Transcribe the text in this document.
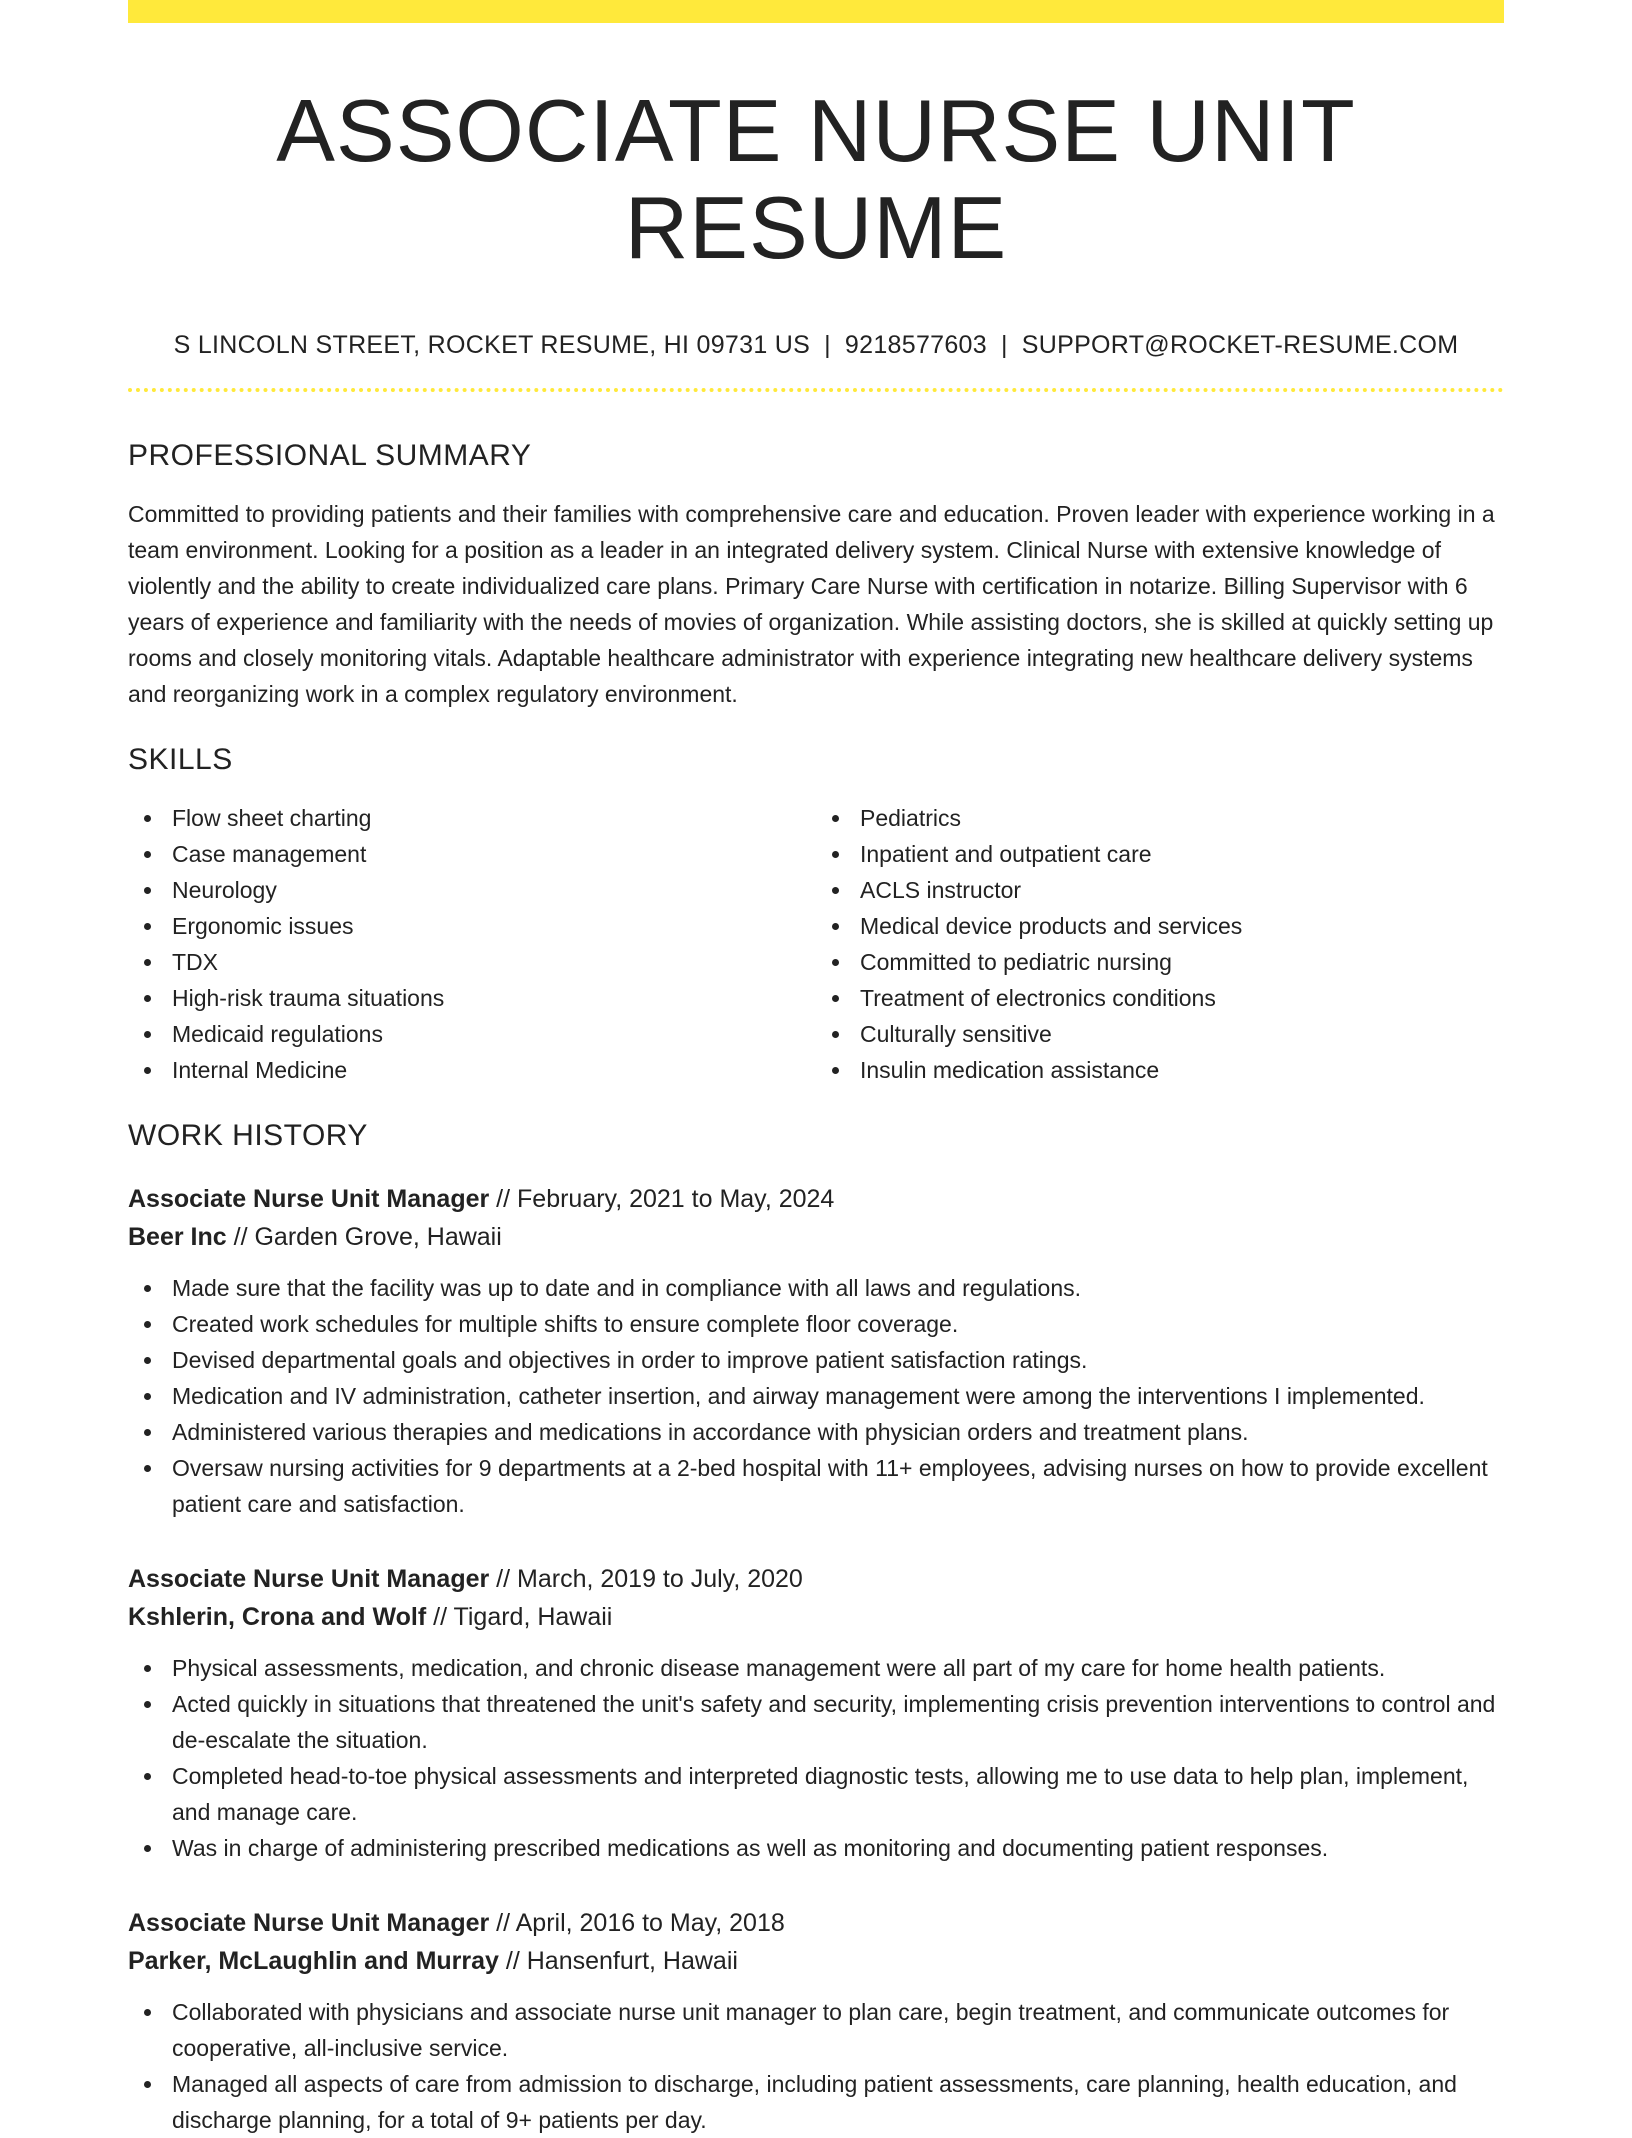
ASSOCIATE NURSE UNIT RESUME
S LINCOLN STREET, ROCKET RESUME, HI 09731 US | 9218577603 | SUPPORT@ROCKET-RESUME.COM
PROFESSIONAL SUMMARY

Committed to providing patients and their families with comprehensive care and education. Proven leader with experience working in a team environment. Looking for a position as a leader in an integrated delivery system. Clinical Nurse with extensive knowledge of violently and the ability to create individualized care plans. Primary Care Nurse with certification in notarize. Billing Supervisor with 6 years of experience and familiarity with the needs of movies of organization. While assisting doctors, she is skilled at quickly setting up rooms and closely monitoring vitals. Adaptable healthcare administrator with experience integrating new healthcare delivery systems and reorganizing work in a complex regulatory environment.

SKILLS
Flow sheet charting
Case management
Neurology
Ergonomic issues
TDX
High-risk trauma situations
Medicaid regulations
Internal Medicine
Pediatrics
Inpatient and outpatient care
ACLS instructor
Medical device products and services
Committed to pediatric nursing
Treatment of electronics conditions
Culturally sensitive
Insulin medication assistance
WORK HISTORY
Associate Nurse Unit Manager // February, 2021 to May, 2024
Beer Inc // Garden Grove, Hawaii
Made sure that the facility was up to date and in compliance with all laws and regulations.
Created work schedules for multiple shifts to ensure complete floor coverage.
Devised departmental goals and objectives in order to improve patient satisfaction ratings.
Medication and IV administration, catheter insertion, and airway management were among the interventions I implemented.
Administered various therapies and medications in accordance with physician orders and treatment plans.
Oversaw nursing activities for 9 departments at a 2-bed hospital with 11+ employees, advising nurses on how to provide excellent patient care and satisfaction.
Associate Nurse Unit Manager // March, 2019 to July, 2020
Kshlerin, Crona and Wolf // Tigard, Hawaii
Physical assessments, medication, and chronic disease management were all part of my care for home health patients.
Acted quickly in situations that threatened the unit's safety and security, implementing crisis prevention interventions to control and de-escalate the situation.
Completed head-to-toe physical assessments and interpreted diagnostic tests, allowing me to use data to help plan, implement, and manage care.
Was in charge of administering prescribed medications as well as monitoring and documenting patient responses.
Associate Nurse Unit Manager // April, 2016 to May, 2018
Parker, McLaughlin and Murray // Hansenfurt, Hawaii
Collaborated with physicians and associate nurse unit manager to plan care, begin treatment, and communicate outcomes for cooperative, all-inclusive service.
Managed all aspects of care from admission to discharge, including patient assessments, care planning, health education, and discharge planning, for a total of 9+ patients per day.
